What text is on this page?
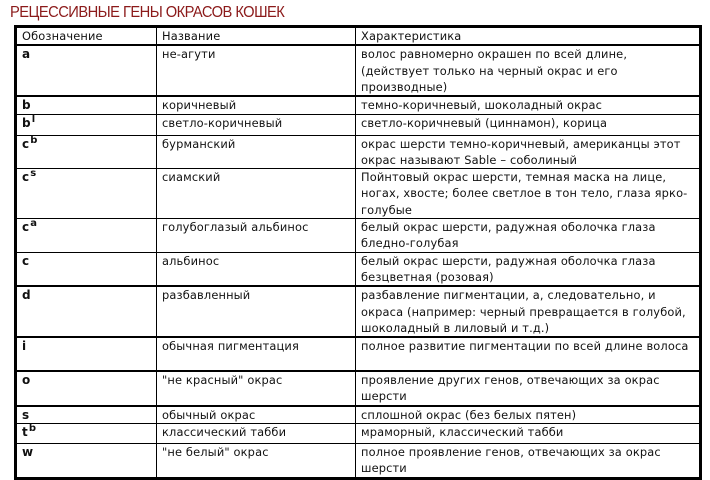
РЕЦЕССИВНЫЕ ГЕНЫ ОКРАСОВ КОШЕК
Обозначение	Название	Характеристика
a	не-агути	волос равномерно окрашен по всей длине, (действует только на черный окрас и его производные)
b	коричневый	темно-коричневый, шоколадный окрас
$b^l$	светло-коричневый	светло-коричневый (циннамон), корица
$c^b$	бурманский	окрас шерсти темно-коричневый, американцы этот окрас называют Sable – соболиный
$c^s$	сиамский	Пойнтовый окрас шерсти, темная маска на лице, ногах, хвосте; более светлое в тон тело, глаза ярко-голубые
$c^a$	голубоглазый альбинос	белый окрас шерсти, радужная оболочка глаза бледно-голубая
c	альбинос	белый окрас шерсти, радужная оболочка глаза безцветная (розовая)
d	разбавленный	разбавление пигментации, а, следовательно, и окраса (например: черный превращается в голубой, шоколадный в лиловый и т.д.)
i	обычная пигментация	полное развитие пигментации по всей длине волоса
o	"не красный" окрас	проявление других генов, отвечающих за окрас шерсти
s	обычный окрас	сплошной окрас (без белых пятен)
$t^b$	классический табби	мраморный, классический табби
w	"не белый" окрас	полное проявление генов, отвечающих за окрас шерсти
